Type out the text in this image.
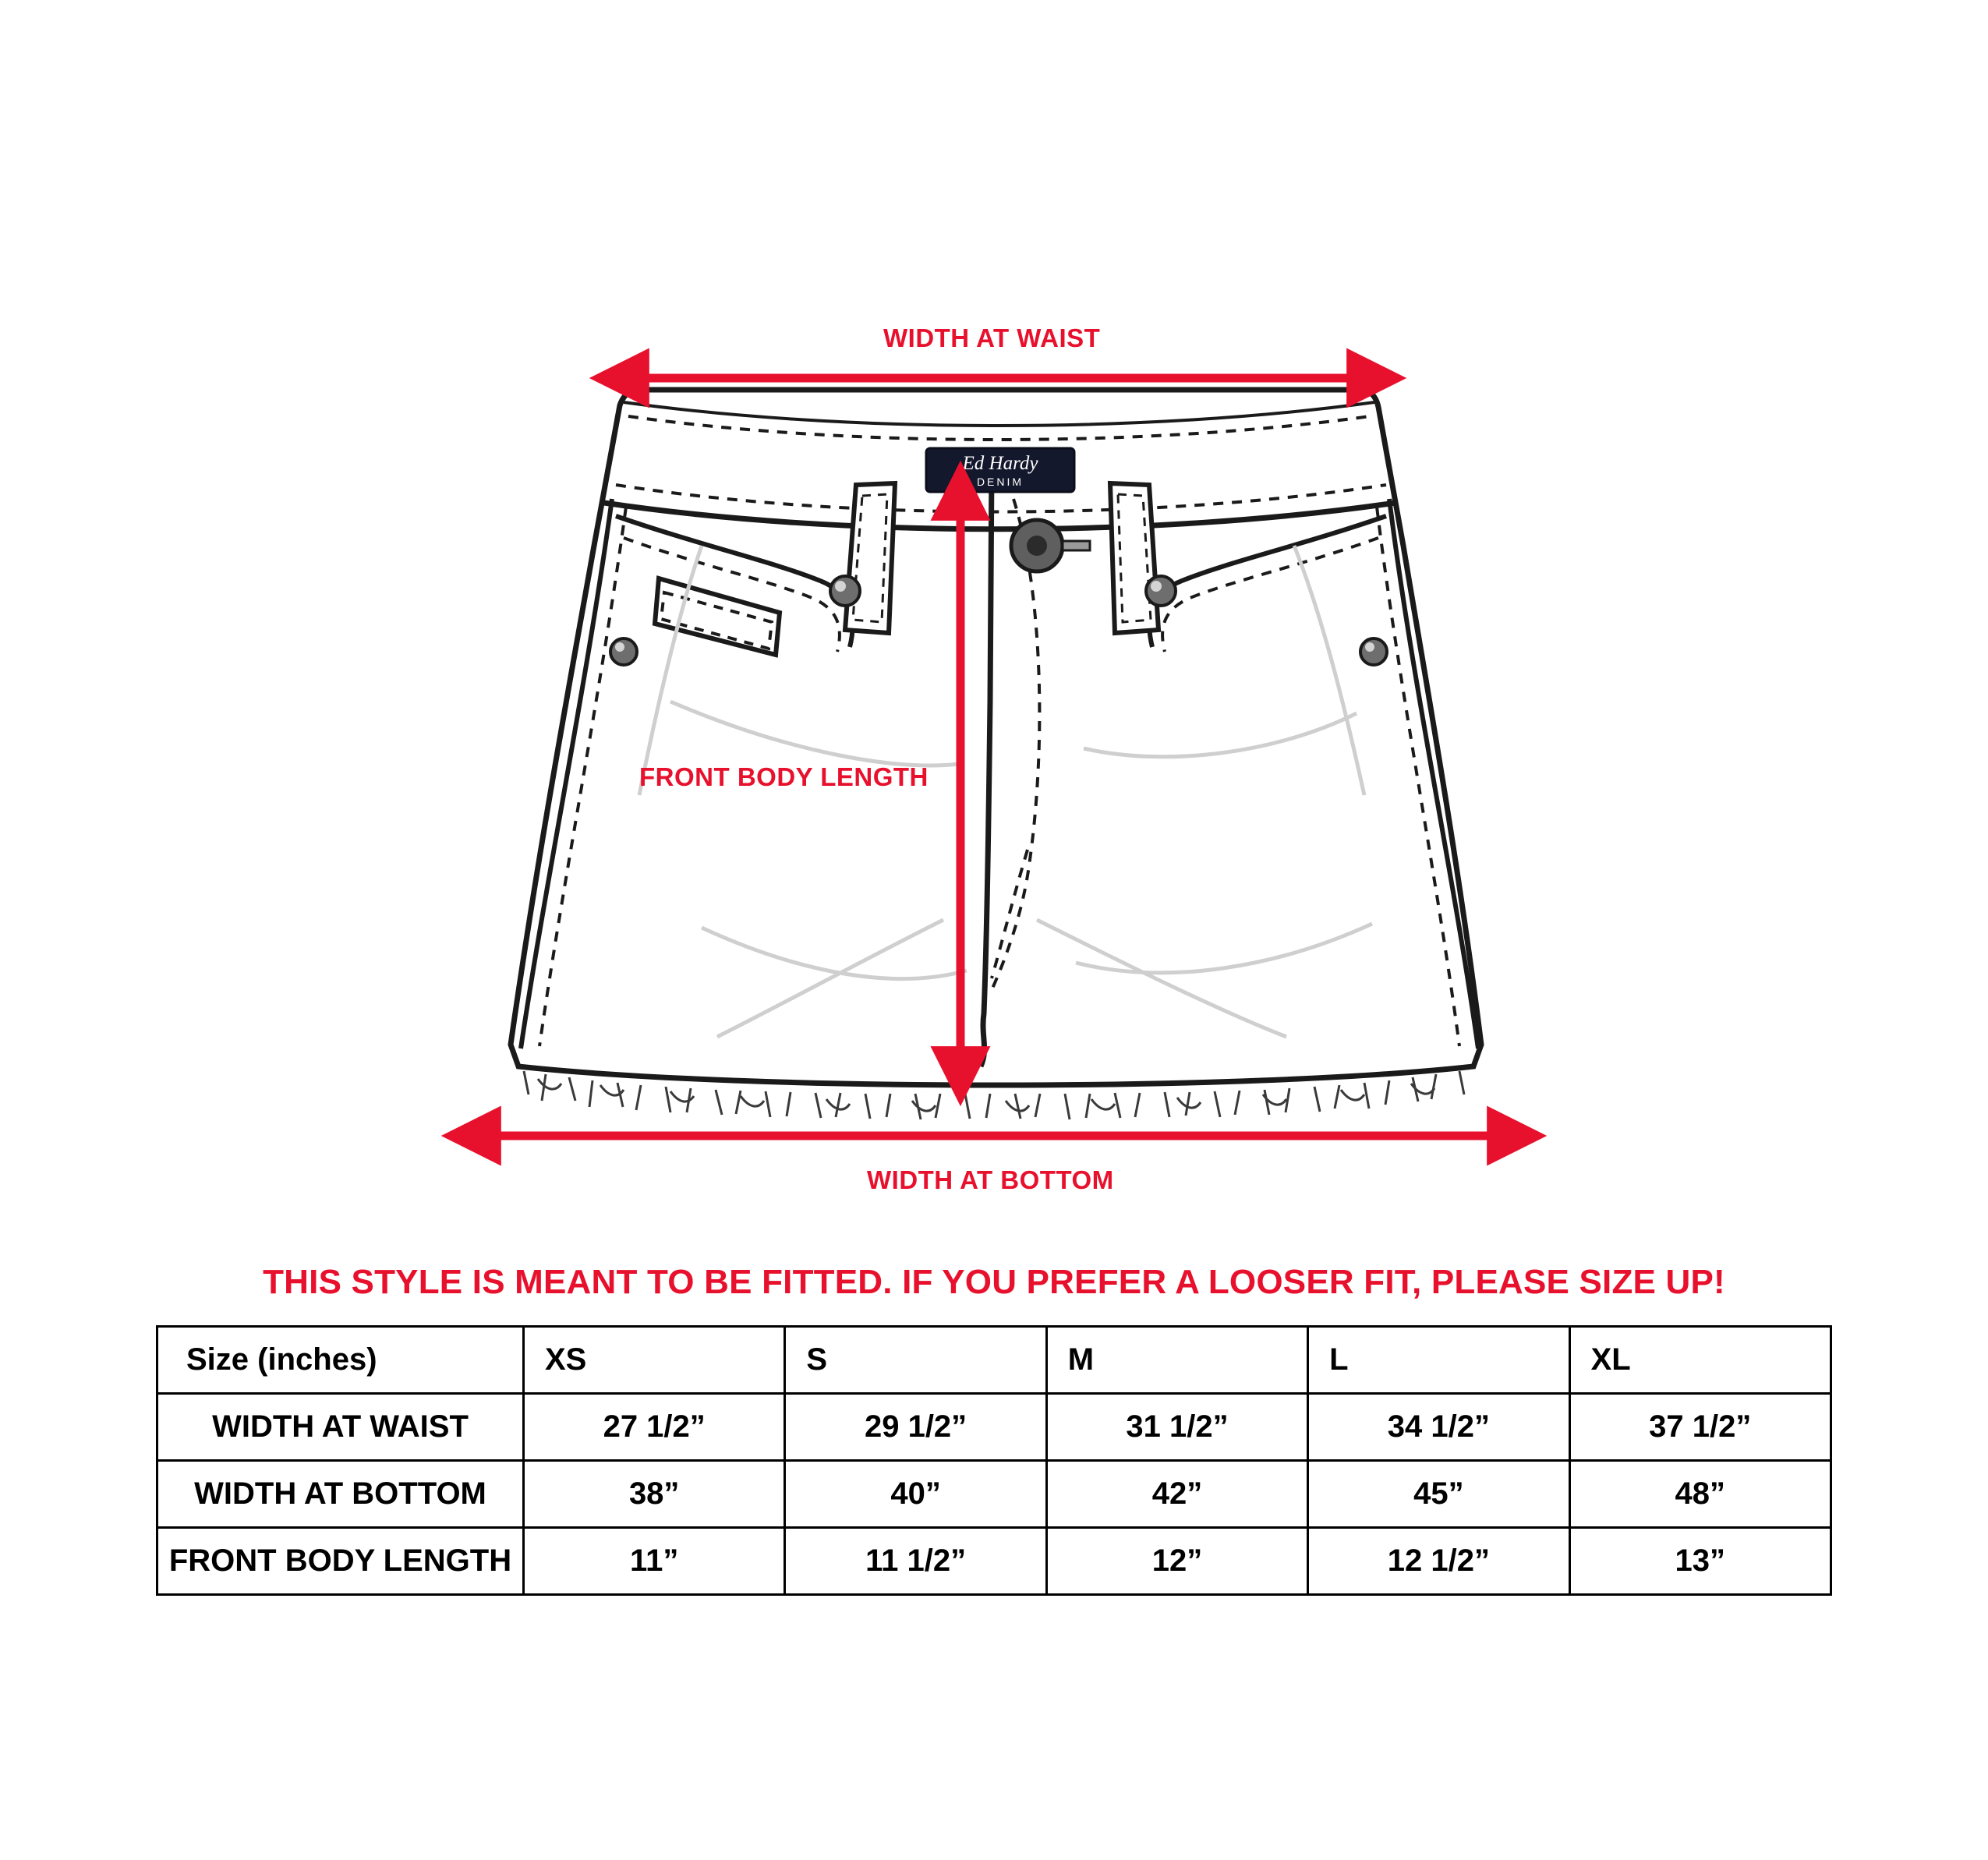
Ed Hardy
DENIM
WIDTH AT WAIST
FRONT BODY LENGTH
WIDTH AT BOTTOM
THIS STYLE IS MEANT TO BE FITTED. IF YOU PREFER A LOOSER FIT, PLEASE SIZE UP!
Size (inches)	XS	S	M	L	XL
WIDTH AT WAIST	27 1/2”	29 1/2”	31 1/2”	34 1/2”	37 1/2”
WIDTH AT BOTTOM	38”	40”	42”	45”	48”
FRONT BODY LENGTH	11”	11 1/2”	12”	12 1/2”	13”
